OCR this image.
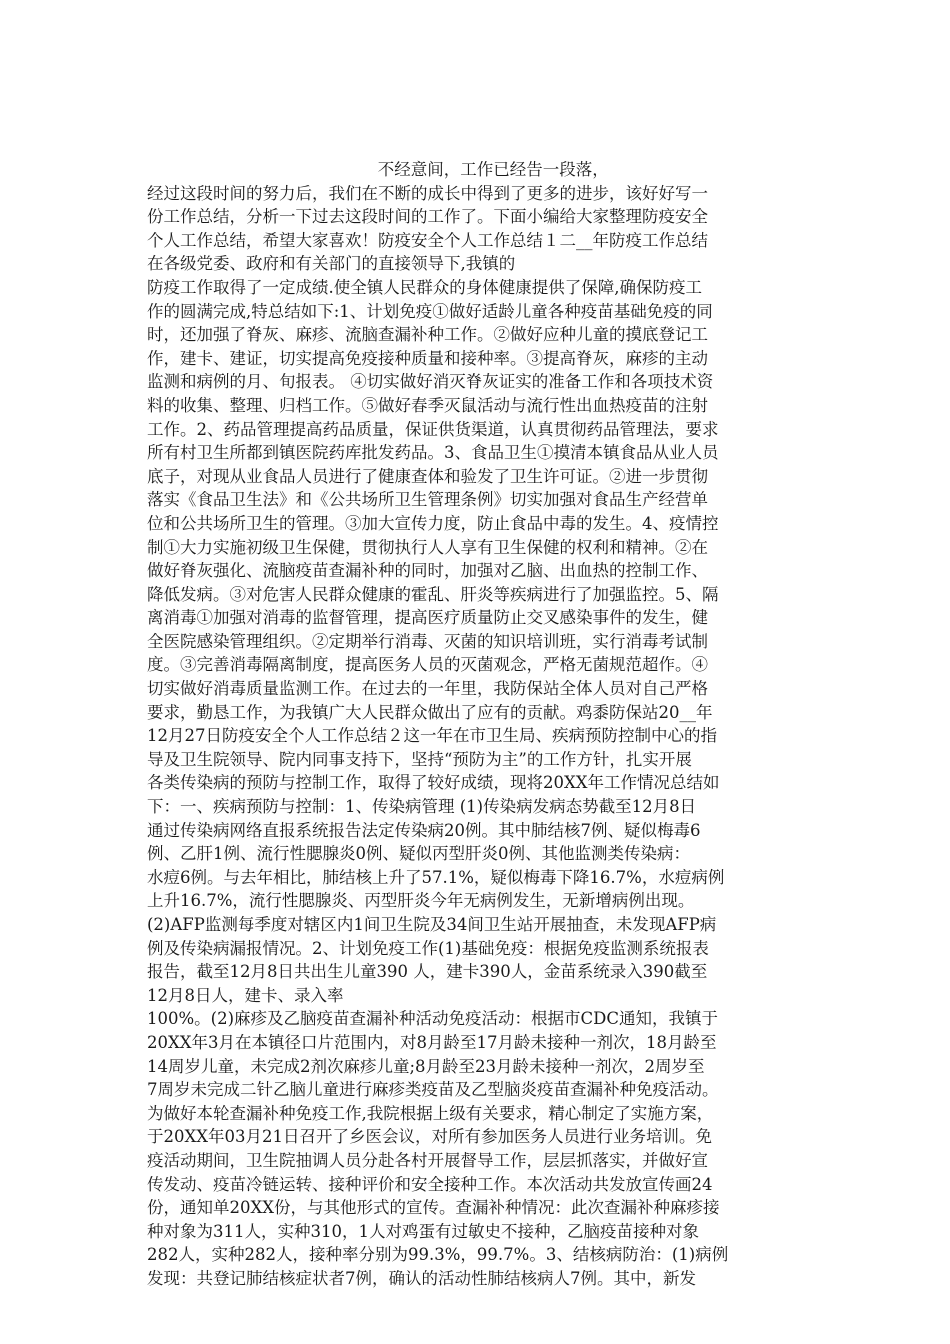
不经意间，工作已经告一段落，
经过这段时间的努力后，我们在不断的成长中得到了更多的进步，该好好写一
份工作总结，分析一下过去这段时间的工作了。下面小编给大家整理防疫安全
个人工作总结，希望大家喜欢！防疫安全个人工作总结１二__年防疫工作总结
在各级党委、政府和有关部门的直接领导下,我镇的
防疫工作取得了一定成绩.使全镇人民群众的身体健康提供了保障,确保防疫工
作的圆满完成,特总结如下:1、计划免疫①做好适龄儿童各种疫苗基础免疫的同
时，还加强了脊灰、麻疹、流脑查漏补种工作。②做好应种儿童的摸底登记工
作，建卡、建证，切实提高免疫接种质量和接种率。③提高脊灰，麻疹的主动
监测和病例的月、旬报表。 ④切实做好消灭脊灰证实的准备工作和各项技术资
料的收集、整理、归档工作。⑤做好春季灭鼠活动与流行性出血热疫苗的注射
工作。2、药品管理提高药品质量，保证供货渠道，认真贯彻药品管理法，要求
所有村卫生所都到镇医院药库批发药品。3、食品卫生①摸清本镇食品从业人员
底子，对现从业食品人员进行了健康查体和验发了卫生许可证。②进一步贯彻
落实《食品卫生法》和《公共场所卫生管理条例》切实加强对食品生产经营单
位和公共场所卫生的管理。③加大宣传力度，防止食品中毒的发生。4、疫情控
制①大力实施初级卫生保健，贯彻执行人人享有卫生保健的权利和精神。②在
做好脊灰强化、流脑疫苗查漏补种的同时，加强对乙脑、出血热的控制工作、
降低发病。③对危害人民群众健康的霍乱、肝炎等疾病进行了加强监控。5、隔
离消毒①加强对消毒的监督管理，提高医疗质量防止交叉感染事件的发生，健
全医院感染管理组织。②定期举行消毒、灭菌的知识培训班，实行消毒考试制
度。③完善消毒隔离制度，提高医务人员的灭菌观念，严格无菌规范超作。④
切实做好消毒质量监测工作。在过去的一年里，我防保站全体人员对自己严格
要求，勤恳工作，为我镇广大人民群众做出了应有的贡献。鸡黍防保站20__年
12月27日防疫安全个人工作总结２这一年在市卫生局、疾病预防控制中心的指
导及卫生院领导、院内同事支持下，坚持“预防为主”的工作方针，扎实开展
各类传染病的预防与控制工作，取得了较好成绩，现将20XX年工作情况总结如
下：一、疾病预防与控制：1、传染病管理 (1)传染病发病态势截至12月8日
通过传染病网络直报系统报告法定传染病20例。其中肺结核7例、疑似梅毒6
例、乙肝1例、流行性腮腺炎0例、疑似丙型肝炎0例、其他监测类传染病：
水痘6例。与去年相比，肺结核上升了57.1%，疑似梅毒下降16.7%，水痘病例
上升16.7%，流行性腮腺炎、丙型肝炎今年无病例发生，无新增病例出现。
(2)AFP监测每季度对辖区内1间卫生院及34间卫生站开展抽查，未发现AFP病
例及传染病漏报情况。2、计划免疫工作(1)基础免疫：根据免疫监测系统报表
报告，截至12月8日共出生儿童390 人，建卡390人，金苗系统录入390截至
12月8日人，建卡、录入率
100%。(2)麻疹及乙脑疫苗查漏补种活动免疫活动：根据市CDC通知，我镇于
20XX年3月在本镇径口片范围内，对8月龄至17月龄未接种一剂次，18月龄至
14周岁儿童，未完成2剂次麻疹儿童;8月龄至23月龄未接种一剂次，2周岁至
7周岁未完成二针乙脑儿童进行麻疹类疫苗及乙型脑炎疫苗查漏补种免疫活动。
为做好本轮查漏补种免疫工作,我院根据上级有关要求，精心制定了实施方案，
于20XX年03月21日召开了乡医会议，对所有参加医务人员进行业务培训。免
疫活动期间，卫生院抽调人员分赴各村开展督导工作，层层抓落实，并做好宣
传发动、疫苗冷链运转、接种评价和安全接种工作。本次活动共发放宣传画24
份，通知单20XX份，与其他形式的宣传。查漏补种情况：此次查漏补种麻疹接
种对象为311人，实种310，1人对鸡蛋有过敏史不接种，乙脑疫苗接种对象
282人，实种282人，接种率分别为99.3%，99.7%。3、结核病防治：(1)病例
发现：共登记肺结核症状者7例，确认的活动性肺结核病人7例。其中，新发
